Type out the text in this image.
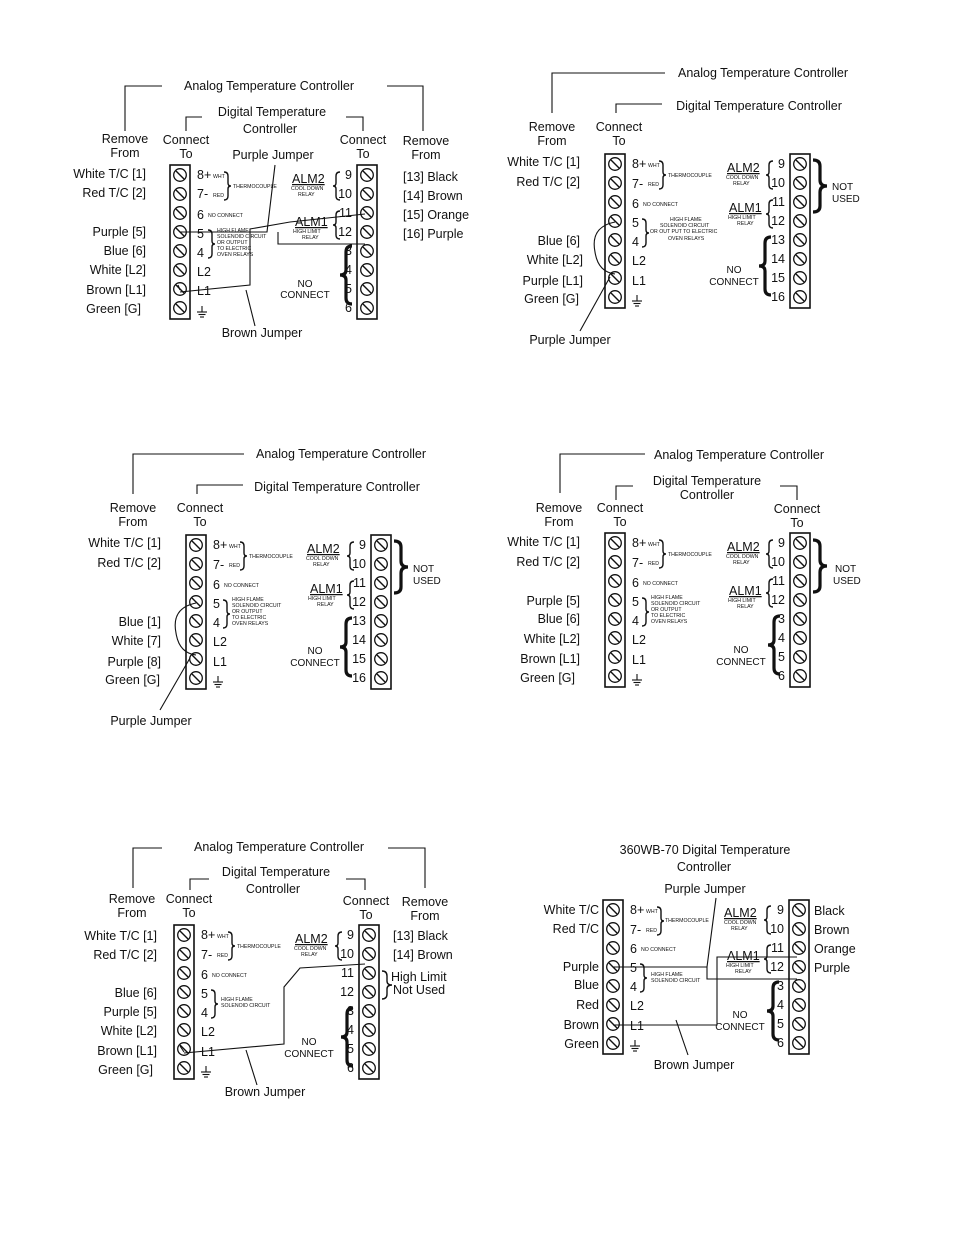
Analog Temperature Controller
Digital Temperature
Controller
Remove
From
Connect
To
Connect
To
Remove
From
Purple Jumper
White T/C [1]
Red T/C [2]
Purple [5]
Blue [6]
White [L2]
Brown [L1]
Green [G]
8+ WHT
7- RED
THERMOCOUPLE
6 NO CONNECT
5
4
HIGH FLAME
SOLENOID CIRCUIT
OR OUTPUT
TO ELECTRIC
OVEN RELAYS
L2
L1
ALM2
COOL DOWN
RELAY
ALM1
HIGH LIMIT
RELAY
9
10
11
12
3
4
5
6
NO
CONNECT
[13] Black
[14] Brown
[15] Orange
[16] Purple
Brown Jumper
Analog Temperature Controller
Digital Temperature Controller
Remove
From
Connect
To
White T/C [1]
Red T/C [2]
Blue [6]
White [L2]
Purple [L1]
Green [G]
8+ WHT
7- RED
THERMOCOUPLE
6 NO CONNECT
5
4
HIGH FLAME
SOLENOID CIRCUIT
OR OUT PUT TO ELECTRIC
OVEN RELAYS
L2
L1
ALM2
COOL DOWN
RELAY
ALM1
HIGH LIMIT
RELAY
9
10
11
12
13
14
15
16
NO
CONNECT
NOT
USED
Purple Jumper
Analog Temperature Controller
Digital Temperature Controller
Remove
From
Connect
To
White T/C [1]
Red T/C [2]
Blue [1]
White [7]
Purple [8]
Green [G]
8+ WHT
7- RED
THERMOCOUPLE
6 NO CONNECT
5
4
HIGH FLAME
SOLENOID CIRCUIT
OR OUTPUT
TO ELECTRIC
OVEN RELAYS
L2
L1
ALM2
COOL DOWN
RELAY
ALM1
HIGH LIMIT
RELAY
9
10
11
12
13
14
15
16
NO
CONNECT
NOT
USED
Purple Jumper
Analog Temperature Controller
Digital Temperature
Controller
Remove
From
Connect
To
Connect
To
White T/C [1]
Red T/C [2]
Purple [5]
Blue [6]
White [L2]
Brown [L1]
Green [G]
8+ WHT
7- RED
THERMOCOUPLE
6 NO CONNECT
5
4
HIGH FLAME
SOLENOID CIRCUIT
OR OUTPUT
TO ELECTRIC
OVEN RELAYS
L2
L1
ALM2
COOL DOWN
RELAY
ALM1
HIGH LIMIT
RELAY
9
10
11
12
3
4
5
6
NO
CONNECT
NOT
USED
Analog Temperature Controller
Digital Temperature
Controller
Remove
From
Connect
To
Connect
To
Remove
From
White T/C [1]
Red T/C [2]
Blue [6]
Purple [5]
White [L2]
Brown [L1]
Green [G]
8+ WHT
7- RED
THERMOCOUPLE
6 NO CONNECT
5
4
HIGH FLAME
SOLENOID CIRCUIT
L2
L1
ALM2
COOL DOWN
RELAY
9
10
11
12
3
4
5
6
NO
CONNECT
High Limit
Not Used
[13] Black
[14] Brown
Brown Jumper
360WB-70 Digital Temperature
Controller
Purple Jumper
White T/C
Red T/C
Purple
Blue
Red
Brown
Green
8+ WHT
7- RED
THERMOCOUPLE
6 NO CONNECT
5
4
HIGH FLAME
SOLENOID CIRCUIT
L2
L1
ALM2
COOL DOWN
RELAY
ALM1
HIGH LIMIT
RELAY
9
10
11
12
3
4
5
6
NO
CONNECT
Black
Brown
Orange
Purple
Brown Jumper
